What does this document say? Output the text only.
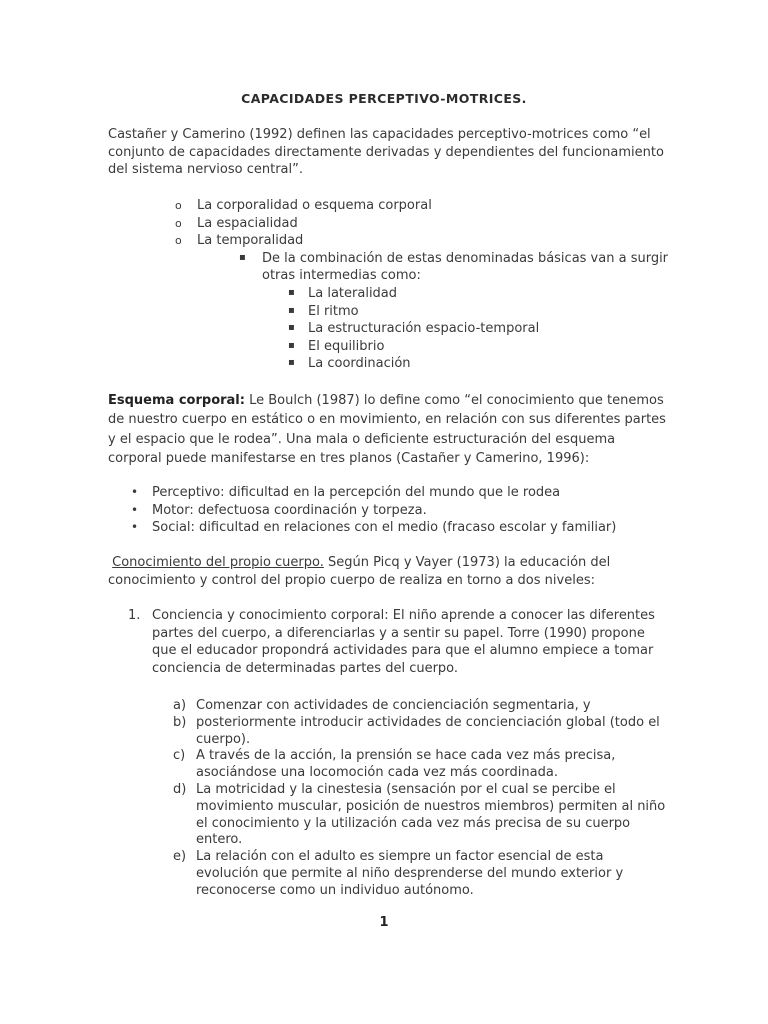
CAPACIDADES PERCEPTIVO-MOTRICES.

Castañer y Camerino (1992) definen las capacidades perceptivo-motrices como “el conjunto de capacidades directamente derivadas y dependientes del funcionamiento del sistema nervioso central”.

o La corporalidad o esquema corporal
o La espacialidad
o La temporalidad
▪ De la combinación de estas denominadas básicas van a surgir otras intermedias como:
▪ La lateralidad
▪ El ritmo
▪ La estructuración espacio-temporal
▪ El equilibrio
▪ La coordinación

Esquema corporal: Le Boulch (1987) lo define como “el conocimiento que tenemos de nuestro cuerpo en estático o en movimiento, en relación con sus diferentes partes y el espacio que le rodea”. Una mala o deficiente estructuración del esquema corporal puede manifestarse en tres planos (Castañer y Camerino, 1996):

• Perceptivo: dificultad en la percepción del mundo que le rodea
• Motor: defectuosa coordinación y torpeza.
• Social: dificultad en relaciones con el medio (fracaso escolar y familiar)

Conocimiento del propio cuerpo. Según Picq y Vayer (1973) la educación del conocimiento y control del propio cuerpo de realiza en torno a dos niveles:

1. Conciencia y conocimiento corporal: El niño aprende a conocer las diferentes partes del cuerpo, a diferenciarlas y a sentir su papel. Torre (1990) propone que el educador propondrá actividades para que el alumno empiece a tomar conciencia de determinadas partes del cuerpo.
a) Comenzar con actividades de concienciación segmentaria, y
b) posteriormente introducir actividades de concienciación global (todo el cuerpo).
c) A través de la acción, la prensión se hace cada vez más precisa, asociándose una locomoción cada vez más coordinada.
d) La motricidad y la cinestesia (sensación por el cual se percibe el movimiento muscular, posición de nuestros miembros) permiten al niño el conocimiento y la utilización cada vez más precisa de su cuerpo entero.
e) La relación con el adulto es siempre un factor esencial de esta evolución que permite al niño desprenderse del mundo exterior y reconocerse como un individuo autónomo.
1
